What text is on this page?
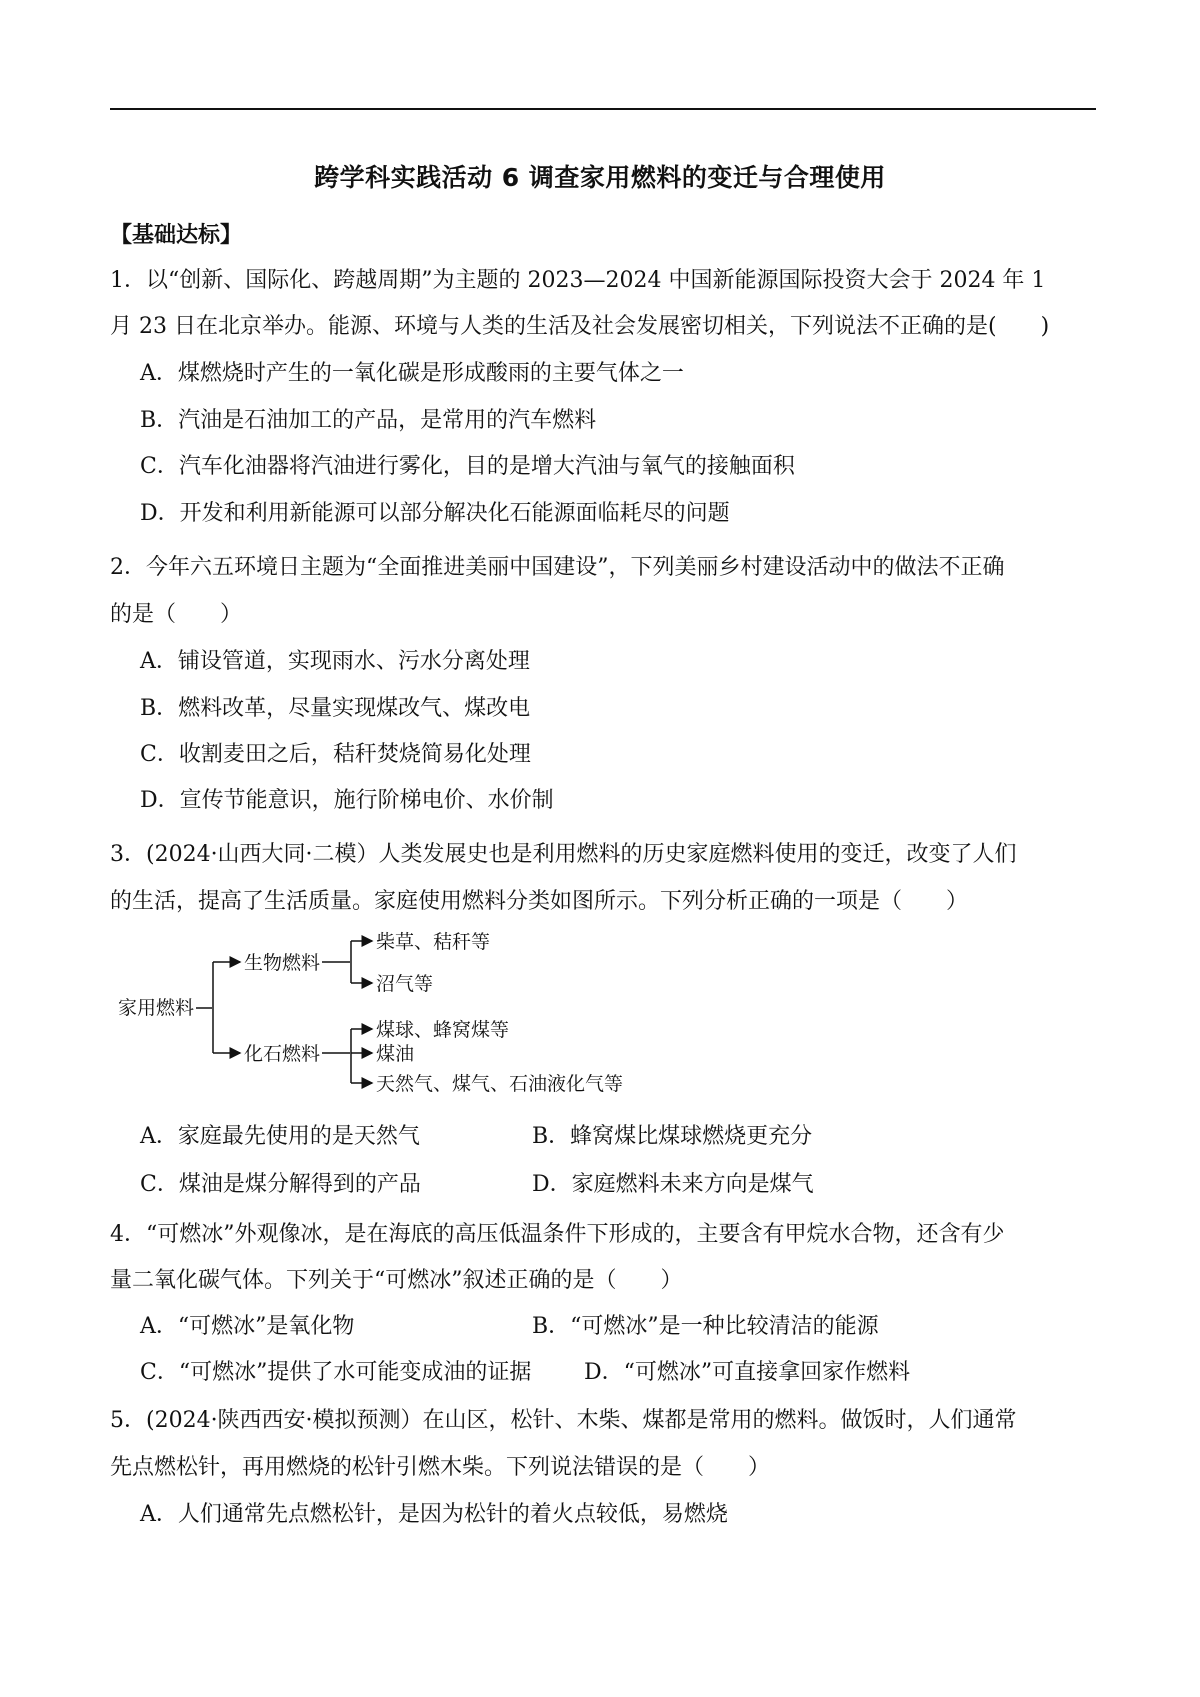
跨学科实践活动 6 调查家用燃料的变迁与合理使用
【基础达标】
1．以“创新、国际化、跨越周期”为主题的 2023—2024 中国新能源国际投资大会于 2024 年 1
月 23 日在北京举办。能源、环境与人类的生活及社会发展密切相关，下列说法不正确的是(　　)
A．煤燃烧时产生的一氧化碳是形成酸雨的主要气体之一
B．汽油是石油加工的产品，是常用的汽车燃料
C．汽车化油器将汽油进行雾化，目的是增大汽油与氧气的接触面积
D．开发和利用新能源可以部分解决化石能源面临耗尽的问题
2．今年六五环境日主题为“全面推进美丽中国建设”，下列美丽乡村建设活动中的做法不正确
的是（　　）
A．铺设管道，实现雨水、污水分离处理
B．燃料改革，尽量实现煤改气、煤改电
C．收割麦田之后，秸秆焚烧简易化处理
D．宣传节能意识，施行阶梯电价、水价制
3．(2024·山西大同·二模）人类发展史也是利用燃料的历史家庭燃料使用的变迁，改变了人们
的生活，提高了生活质量。家庭使用燃料分类如图所示。下列分析正确的一项是（　　）
家用燃料
生物燃料
柴草、秸秆等
沼气等
化石燃料
煤球、蜂窝煤等
煤油
天然气、煤气、石油液化气等
A．家庭最先使用的是天然气	B．蜂窝煤比煤球燃烧更充分
C．煤油是煤分解得到的产品	D．家庭燃料未来方向是煤气
4．“可燃冰”外观像冰，是在海底的高压低温条件下形成的，主要含有甲烷水合物，还含有少
量二氧化碳气体。下列关于“可燃冰”叙述正确的是（　　）
A．“可燃冰”是氧化物	B．“可燃冰”是一种比较清洁的能源
C．“可燃冰”提供了水可能变成油的证据 D．“可燃冰”可直接拿回家作燃料
5．(2024·陕西西安·模拟预测）在山区，松针、木柴、煤都是常用的燃料。做饭时，人们通常
先点燃松针，再用燃烧的松针引燃木柴。下列说法错误的是（　　）
A．人们通常先点燃松针，是因为松针的着火点较低，易燃烧
